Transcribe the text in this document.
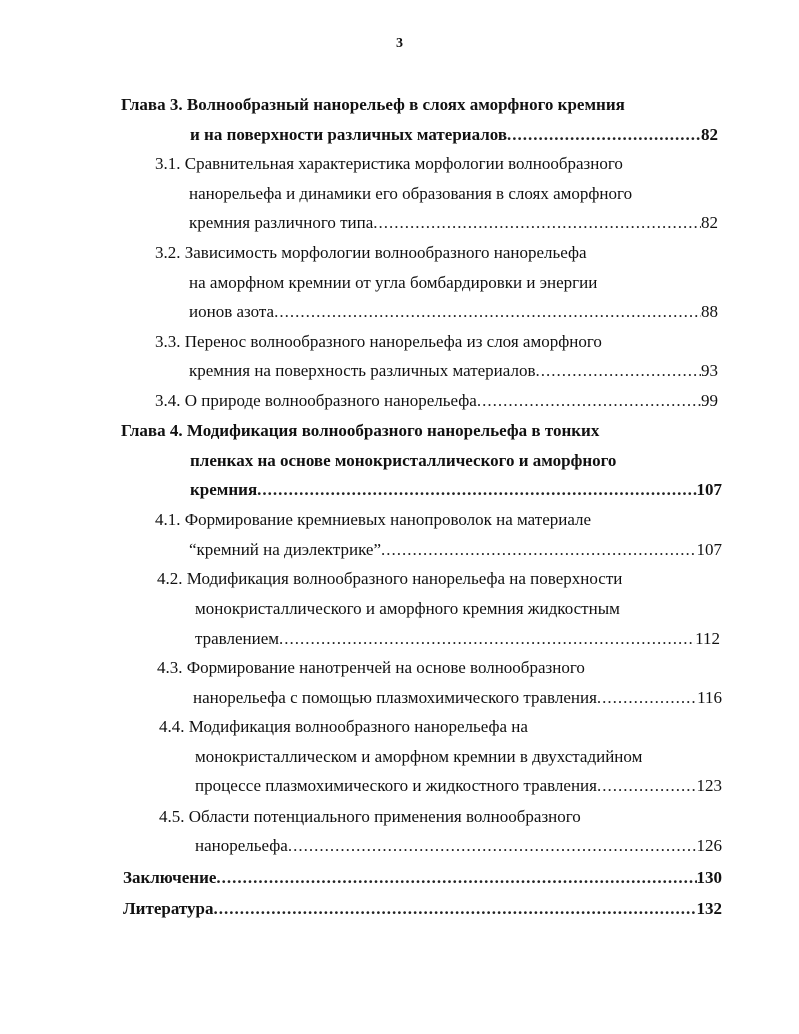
3
Глава 3. Волнообразный нанорельеф в слоях аморфного кремния
и на поверхности различных материалов .....	82
3.1. Сравнительная характеристика морфологии волнообразного
нанорельефа и динамики его образования в слоях аморфного
кремния различного типа .....	82
3.2. Зависимость морфологии волнообразного нанорельефа
на аморфном кремнии от угла бомбардировки и энергии
ионов азота .....	88
3.3. Перенос волнообразного нанорельефа из слоя аморфного
кремния на поверхность различных материалов .....	93
3.4. О природе волнообразного нанорельефа .....	99
Глава 4. Модификация волнообразного нанорельефа в тонких
пленках на основе монокристаллического и аморфного
кремния .....	107
4.1. Формирование кремниевых нанопроволок на материале
“кремний на диэлектрике” .....	107
4.2. Модификация волнообразного нанорельефа на поверхности
монокристаллического и аморфного кремния жидкостным
травлением .....	112
4.3. Формирование нанотренчей на основе волнообразного
нанорельефа с помощью плазмохимического травления .....	116
4.4. Модификация волнообразного нанорельефа на
монокристаллическом и аморфном кремнии в двухстадийном
процессе плазмохимического и жидкостного травления .....	123
4.5. Области потенциального применения волнообразного
нанорельефа .....	126
Заключение .....	130
Литература .....	132
